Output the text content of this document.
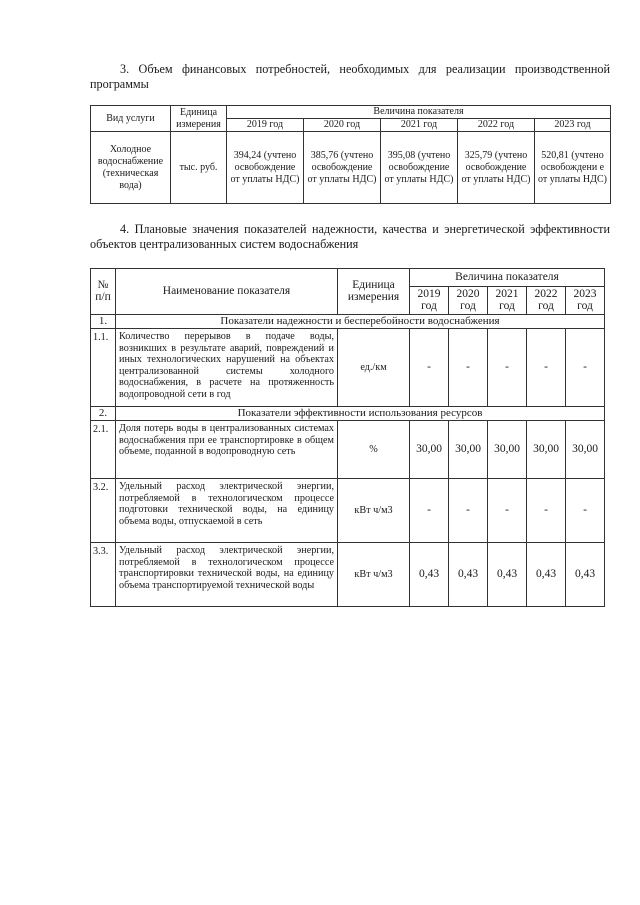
3. Объем финансовых потребностей, необходимых для реализации производственной программы
Вид услуги	Единица измерения	Величина показателя				
		2019 год	2020 год	2021 год	2022 год	2023 год
Холодное водоснабжение (техническая вода)	тыс. руб.	394,24 (учтено освобождение от уплаты НДС)	385,76 (учтено освобождение от уплаты НДС)	395,08 (учтено освобождение от уплаты НДС)	325,79 (учтено освобождение от уплаты НДС)	520,81 (учтено освобождени е от уплаты НДС)
4. Плановые значения показателей надежности, качества и энергетической эффективности объектов централизованных систем водоснабжения
№ п/п	Наименование показателя	Единица измерения	Величина показателя				
			2019 год	2020 год	2021 год	2022 год	2023 год
1.	Показатели надежности и бесперебойности водоснабжения						
1.1.	Количество перерывов в подаче воды, возникших в результате аварий, повреждений и иных технологических нарушений на объектах централизованной системы холодного водоснабжения, в расчете на протяженность водопроводной сети в год	ед./км	-	-	-	-	-
2.	Показатели эффективности использования ресурсов						
2.1.	Доля потерь воды в централизованных системах водоснабжения при ее транспортировке в общем объеме, поданной в водопроводную сеть	%	30,00	30,00	30,00	30,00	30,00
3.2.	Удельный расход электрической энергии, потребляемой в технологическом процессе подготовки технической воды, на единицу объема воды, отпускаемой в сеть	кВт ч/м3	-	-	-	-	-
3.3.	Удельный расход электрической энергии, потребляемой в технологическом процессе транспортировки технической воды, на единицу объема транспортируемой технической воды	кВт ч/м3	0,43	0,43	0,43	0,43	0,43
